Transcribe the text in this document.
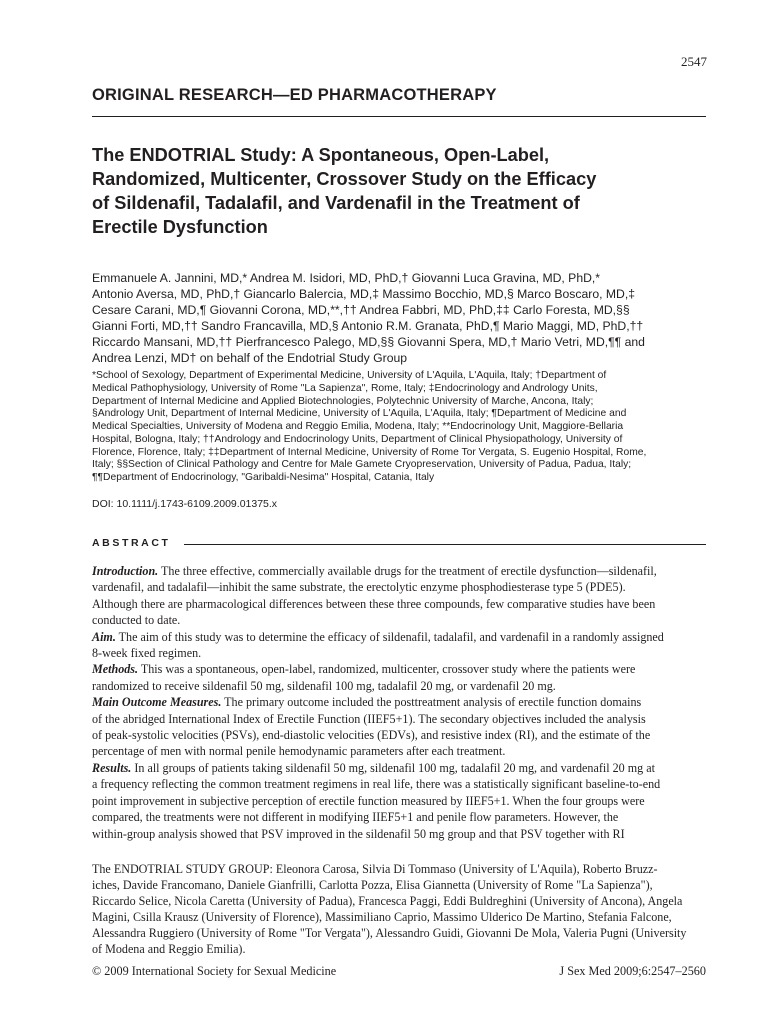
2547
ORIGINAL RESEARCH—ED PHARMACOTHERAPY
The ENDOTRIAL Study: A Spontaneous, Open-Label,
Randomized, Multicenter, Crossover Study on the Efficacy
of Sildenafil, Tadalafil, and Vardenafil in the Treatment of
Erectile Dysfunction
Emmanuele A. Jannini, MD,* Andrea M. Isidori, MD, PhD,† Giovanni Luca Gravina, MD, PhD,*
Antonio Aversa, MD, PhD,† Giancarlo Balercia, MD,‡ Massimo Bocchio, MD,§ Marco Boscaro, MD,‡
Cesare Carani, MD,¶ Giovanni Corona, MD,**,†† Andrea Fabbri, MD, PhD,‡‡ Carlo Foresta, MD,§§
Gianni Forti, MD,†† Sandro Francavilla, MD,§ Antonio R.M. Granata, PhD,¶ Mario Maggi, MD, PhD,††
Riccardo Mansani, MD,†† Pierfrancesco Palego, MD,§§ Giovanni Spera, MD,† Mario Vetri, MD,¶¶ and
Andrea Lenzi, MD† on behalf of the Endotrial Study Group
*School of Sexology, Department of Experimental Medicine, University of L'Aquila, L'Aquila, Italy; †Department of
Medical Pathophysiology, University of Rome "La Sapienza", Rome, Italy; ‡Endocrinology and Andrology Units,
Department of Internal Medicine and Applied Biotechnologies, Polytechnic University of Marche, Ancona, Italy;
§Andrology Unit, Department of Internal Medicine, University of L'Aquila, L'Aquila, Italy; ¶Department of Medicine and
Medical Specialties, University of Modena and Reggio Emilia, Modena, Italy; **Endocrinology Unit, Maggiore-Bellaria
Hospital, Bologna, Italy; ††Andrology and Endocrinology Units, Department of Clinical Physiopathology, University of
Florence, Florence, Italy; ‡‡Department of Internal Medicine, University of Rome Tor Vergata, S. Eugenio Hospital, Rome,
Italy; §§Section of Clinical Pathology and Centre for Male Gamete Cryopreservation, University of Padua, Padua, Italy;
¶¶Department of Endocrinology, "Garibaldi-Nesima" Hospital, Catania, Italy
DOI: 10.1111/j.1743-6109.2009.01375.x
ABSTRACT
Introduction. The three effective, commercially available drugs for the treatment of erectile dysfunction—sildenafil,
vardenafil, and tadalafil—inhibit the same substrate, the erectolytic enzyme phosphodiesterase type 5 (PDE5).
Although there are pharmacological differences between these three compounds, few comparative studies have been
conducted to date.
Aim. The aim of this study was to determine the efficacy of sildenafil, tadalafil, and vardenafil in a randomly assigned
8-week fixed regimen.
Methods. This was a spontaneous, open-label, randomized, multicenter, crossover study where the patients were
randomized to receive sildenafil 50 mg, sildenafil 100 mg, tadalafil 20 mg, or vardenafil 20 mg.
Main Outcome Measures. The primary outcome included the posttreatment analysis of erectile function domains
of the abridged International Index of Erectile Function (IIEF5+1). The secondary objectives included the analysis
of peak-systolic velocities (PSVs), end-diastolic velocities (EDVs), and resistive index (RI), and the estimate of the
percentage of men with normal penile hemodynamic parameters after each treatment.
Results. In all groups of patients taking sildenafil 50 mg, sildenafil 100 mg, tadalafil 20 mg, and vardenafil 20 mg at
a frequency reflecting the common treatment regimens in real life, there was a statistically significant baseline-to-end
point improvement in subjective perception of erectile function measured by IIEF5+1. When the four groups were
compared, the treatments were not different in modifying IIEF5+1 and penile flow parameters. However, the
within-group analysis showed that PSV improved in the sildenafil 50 mg group and that PSV together with RI
The ENDOTRIAL STUDY GROUP: Eleonora Carosa, Silvia Di Tommaso (University of L'Aquila), Roberto Bruzz-
iches, Davide Francomano, Daniele Gianfrilli, Carlotta Pozza, Elisa Giannetta (University of Rome "La Sapienza"),
Riccardo Selice, Nicola Caretta (University of Padua), Francesca Paggi, Eddi Buldreghini (University of Ancona), Angela
Magini, Csilla Krausz (University of Florence), Massimiliano Caprio, Massimo Ulderico De Martino, Stefania Falcone,
Alessandra Ruggiero (University of Rome "Tor Vergata"), Alessandro Guidi, Giovanni De Mola, Valeria Pugni (University
of Modena and Reggio Emilia).
© 2009 International Society for Sexual Medicine	J Sex Med 2009;6:2547–2560
